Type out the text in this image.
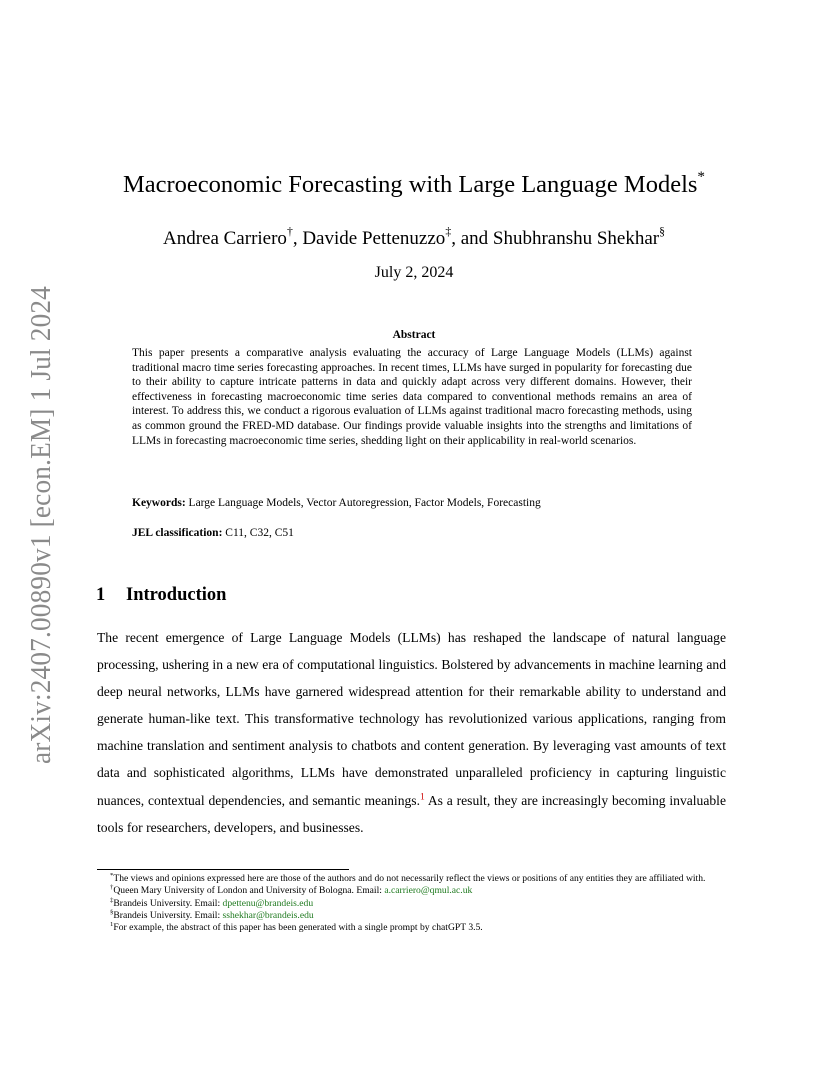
arXiv:2407.00890v1 [econ.EM] 1 Jul 2024
Macroeconomic Forecasting with Large Language Models*
Andrea Carriero†, Davide Pettenuzzo‡, and Shubhranshu Shekhar§
July 2, 2024
Abstract
This paper presents a comparative analysis evaluating the accuracy of Large Language Models (LLMs) against traditional macro time series forecasting approaches. In recent times, LLMs have surged in popularity for forecasting due to their ability to capture intricate patterns in data and quickly adapt across very different domains. However, their effectiveness in forecasting macroeconomic time series data compared to conventional methods remains an area of interest. To address this, we conduct a rigorous evaluation of LLMs against traditional macro forecasting methods, using as common ground the FRED-MD database. Our findings provide valuable insights into the strengths and limitations of LLMs in forecasting macroeconomic time series, shedding light on their applicability in real-world scenarios.
Keywords: Large Language Models, Vector Autoregression, Factor Models, Forecasting
JEL classification: C11, C32, C51
1 Introduction
The recent emergence of Large Language Models (LLMs) has reshaped the landscape of natural language processing, ushering in a new era of computational linguistics. Bolstered by advancements in machine learning and deep neural networks, LLMs have garnered widespread attention for their remarkable ability to understand and generate human-like text. This transformative technology has revolutionized various applications, ranging from machine translation and sentiment analysis to chatbots and content generation. By leveraging vast amounts of text data and sophisticated algorithms, LLMs have demonstrated unparalleled proficiency in capturing linguistic nuances, contextual dependencies, and semantic meanings.$^1$ As a result, they are increasingly becoming invaluable tools for researchers, developers, and businesses.

*The views and opinions expressed here are those of the authors and do not necessarily reflect the views or positions of any entities they are affiliated with.

†Queen Mary University of London and University of Bologna. Email: a.carriero@qmul.ac.uk

‡Brandeis University. Email: dpettenu@brandeis.edu

§Brandeis University. Email: sshekhar@brandeis.edu

$^1$For example, the abstract of this paper has been generated with a single prompt by chatGPT 3.5.
